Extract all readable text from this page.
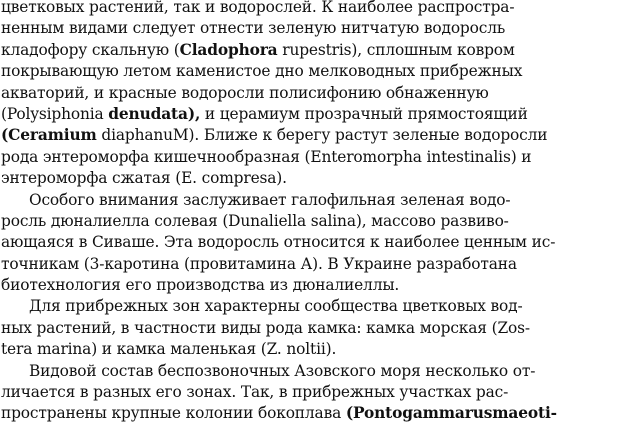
цветковых растений, так и водорослей. К наиболее распростра-
ненным видами следует отнести зеленую нитчатую водоросль
кладофору скальную (Cladophora rupestris), сплошным ковром
покрывающую летом каменистое дно мелководных прибрежных
акваторий, и красные водоросли полисифонию обнаженную
(Polysiphonia denudata), и церамиум прозрачный прямостоящий
(Ceramium diaphanuM). Ближе к берегу растут зеленые водоросли
рода энтероморфа кишечнообразная (Enteromorpha intestinalis) и
энтероморфа сжатая (E. compresa).
Особого внимания заслуживает галофильная зеленая водо-
росль дюналиелла солевая (Dunaliella salina), массово развиво-
ающаяся в Сиваше. Эта водоросль относится к наиболее ценным ис-
точникам (3-каротина (провитамина А). В Украине разработана
биотехнология его производства из дюналиеллы.
Для прибрежных зон характерны сообщества цветковых вод-
ных растений, в частности виды рода камка: камка морская (Zos-
tera marina) и камка маленькая (Z. noltii).
Видовой состав беспозвоночных Азовского моря несколько от-
личается в разных его зонах. Так, в прибрежных участках рас-
пространены крупные колонии бокоплава (Pontogammarusmaeoti-
